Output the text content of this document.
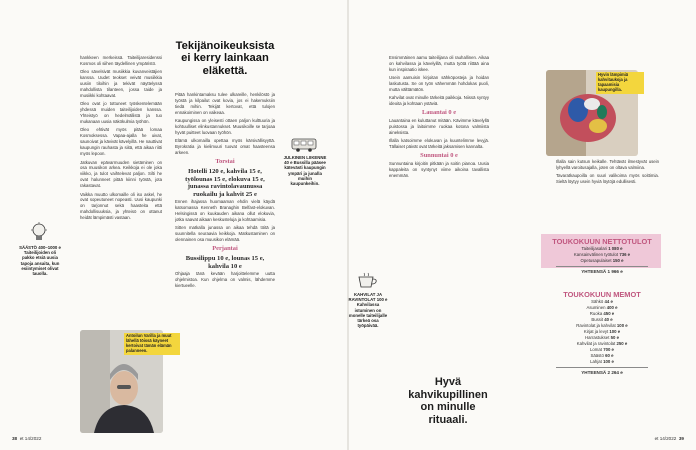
hankkeen merkeissä. Taiteilijaresidenssi Kosmos oli siihen täydellinen ympäristö.

Oleo sävelsivät musiikkia kuvanveistäjien kanssa. Uudet teokset veivät musiikkia uusiin tiloihin ja tekivät näyttelyssä mahdollista tilanteen, jossa taide ja musiikki kohtaavat.

Oleo ovat jo tottuneet työskentelemään yhdessä muiden taiteilijoiden kanssa. Yhteistyö on hedelmällistä ja tuo mukanaan uusia näkökulmia työhön.

Oleo ehtivät myös pitää lomaa Kosmoksessa. Vapaa-ajalla he uivat, saunoivat ja kävivät kävelyillä. He nauttivat kaupungin rauhasta ja siitä, että aikaa riitti myös lepoon.

Jatkuvan epävarmuuden sietäminen on osa muusikon arkea. Keikkoja ei ole joka viikko, ja tulot vaihtelevat paljon. Silti he ovat halunneet pitää kiinni työstä, jota rakastavat.

Vaikka muutto ulkomaille oli iso askel, he ovat sopeutuneet nopeasti. Uusi kaupunki on tarjonnut sekä haasteita että mahdollisuuksia, ja yhteisö on ottanut heidät lämpimästi vastaan.

Antoilun Varilla ja muut lähellä töissä käyneet kertoivat tämän elämän palanneen.
Tekijänoikeuksista ei kerry lainkaan eläkettä.

Pitää hankintamaksu tulee ulkareille, henkilöstö ja työstä ja kilpailut ovat kovia, jos ei hakemuksiin tiedä mihin. Tekijät kertovat, että tulojen ennakoiminen on vaikeaa.

Kaupungissa on yleisesti ottaen paljon kulttuuria ja kohtuulliset elinkustannukset. Muusikoille se tarjoaa hyvät puitteet luovaan työhön.

Elämä ulkomailla opettaa myös kärsivällisyyttä. Byrokratia ja kielimuuri tuovat omat haasteensa arkeen.

Torstai
Hotelli 120 e, kahvila 15 e, työlounas 15 e, elokuva 15 e, junassa ravintolavaunussa ruokailu ja kahvit 25 e

Ennen ihajassa huomaaman ehdin vielä käydä katsomassa Kenneth Branaghin Belfast-elokuvan. Helsingissä on kuukauden aikana ollut elokuvia, jotka saavat aikaan keskusteluja ja kohtaamisia.

Sitten matkalla junassa on aikaa tehdä töitä ja suunnitella seuraavia keikkoja. Matkustaminen on olennainen osa muusikon elämää.

Perjantai
Bussilippu 10 e, lounas 15 e, kahvila 10 e

Ohjaaja tänä kevään harjoittelemme uutta ohjelmistoa. Kun ohjelma on valmis, lähdemme kiertueelle.

JULKINEN LIIKENNE 40 e Bussilla pääsee kätevästi kaupungin ympäri ja junalla muihin kaupunkeihin.
SÄÄSTÖ 400–1000 e Taiteilijoiden oli pakko etsiä uusia tapoja ansaita, kun esiintymiset olivat tauolla.
38 et 14/2022

Ensimmäinen aamu taiteilijana oli rauhallinen. Aikaa on kahvilassa ja kävelyillä, mutta työtä riittää aina kun inspiraatio iskee.

Usein aamuisin kirjoitan sähköposteja ja hoidan laskutusta. Se on työn vähemmän hohdokas puoli, mutta välttämätön.

Kahvilat ovat minulle tärkeitä paikkoja. Niissä syntyy ideoita ja kohtaan ystäviä.

Lauantai 0 e

Lauantaina en kuluttanut mitään. Kävimme kävelyllä puistossa ja laitoimme ruokaa kotona valmiista aineksista.

Illalla katsoimme elokuvan ja kuuntelimme levyjä. Tällaiset päivät ovat tärkeitä jaksamisen kannalta.

Sunnuntai 0 e

Sunnuntaina kirjoitin pitkään ja soitin pianoa. Uusia kappaleita on syntynyt viime aikoina tavallista enemmän.

KAHVILAT JA RAVINTOLAT 100 e Kahvilassa istuminen on monelle taiteilijalle tärkeä osa työpäivää.
Hyvä kahvikupillinen on minulle rituaali.
Hyvin lämpimiä kahvitaukoja ja tapaamisia kaupungilla.

Illalla sain kutsun keikalle. Tehtävät ilmestyvät usein lyhyellä varoitusajalla, joten on oltava valmiina.

Tavaratkaupoilla on suuri valikoima myös soittimia. Sieltä löytyy usein hyviä löytöjä edullisesti.

TOUKOKUUN NETTOTULOT
Taiteilijasalari 1 080 e
Kansainvälinen työtulot 736 e
Opetusapulaiset 150 e
YHTEENSÄ 1 966 e
TOUKOKUUN MEMOT
Sähkö 44 e
Asuminen 400 e
Ruoka 450 e
Bussit 40 e
Ravintolat ja kahvilat 100 e
Kirjat ja levyt 100 e
Harrastukset 50 e
Kahvilat ja ravintolat 250 e
Lomat 700 e
Säästö 60 e
Lahjat 100 e
YHTEENSÄ 2 264 e
et 14/2022 39
